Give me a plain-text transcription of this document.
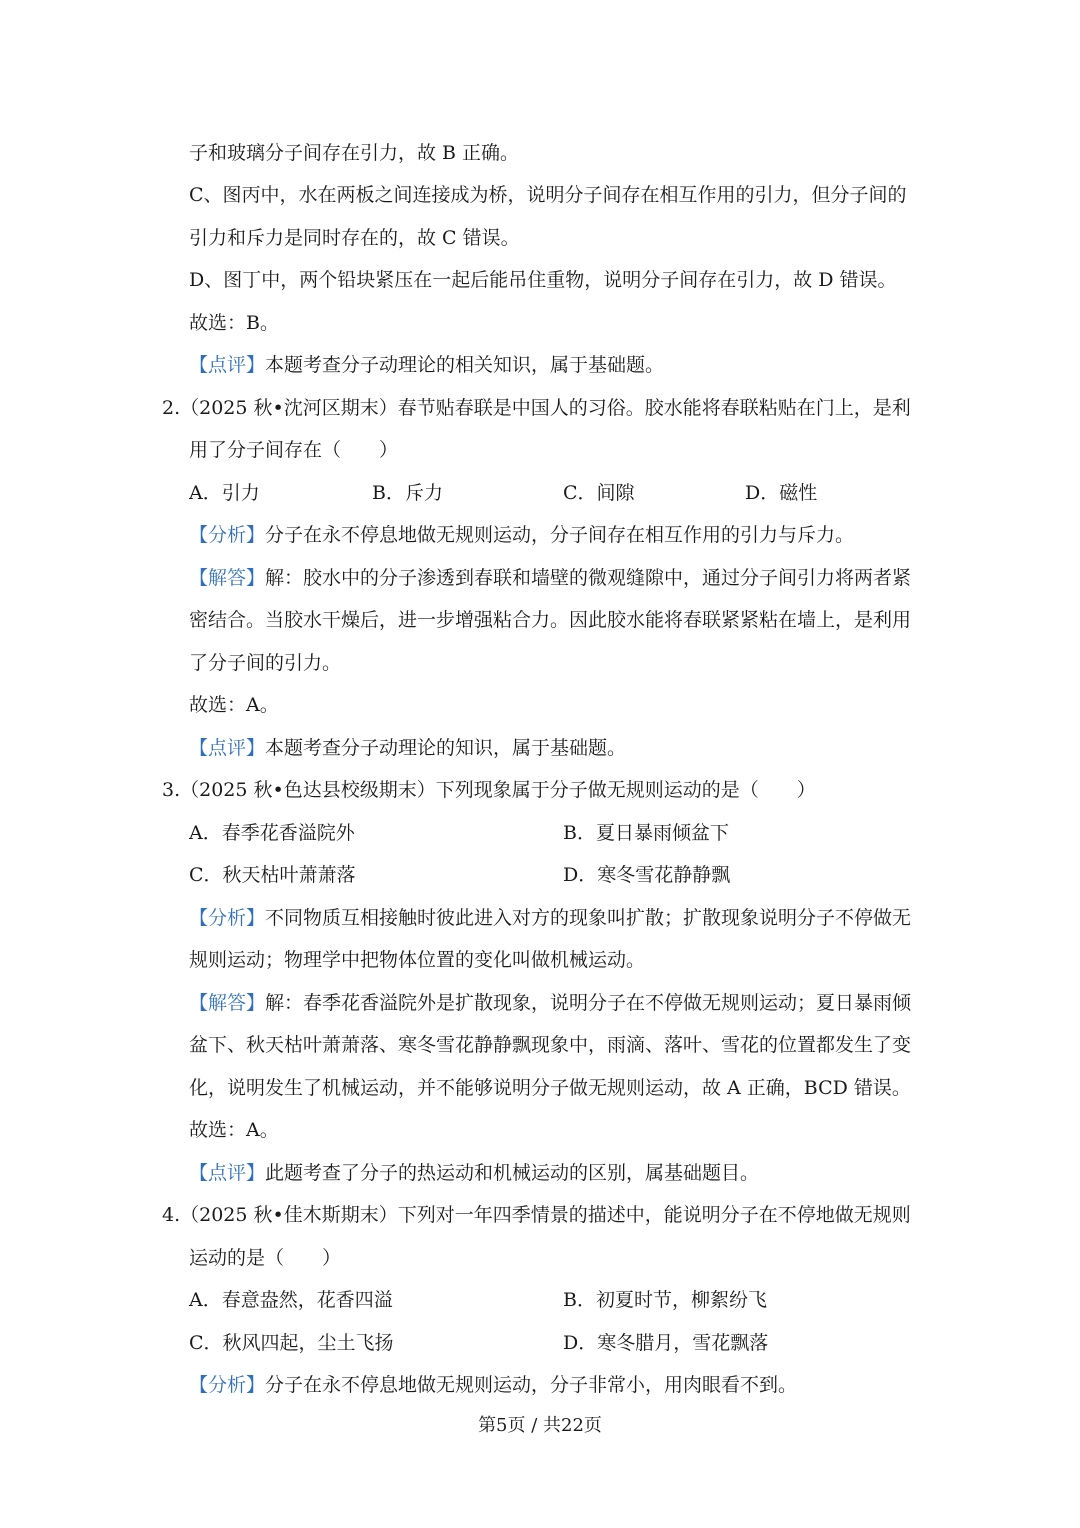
子和玻璃分子间存在引力，故 B 正确。
C、图丙中，水在两板之间连接成为桥，说明分子间存在相互作用的引力，但分子间的
引力和斥力是同时存在的，故 C 错误。
D、图丁中，两个铅块紧压在一起后能吊住重物，说明分子间存在引力，故 D 错误。
故选：B。
【点评】本题考查分子动理论的相关知识，属于基础题。
2.（2025 秋•沈河区期末）春节贴春联是中国人的习俗。胶水能将春联粘贴在门上，是利
用了分子间存在（　　）
A．引力	B．斥力	C．间隙	D．磁性
【分析】分子在永不停息地做无规则运动，分子间存在相互作用的引力与斥力。
【解答】解：胶水中的分子渗透到春联和墙壁的微观缝隙中，通过分子间引力将两者紧
密结合。当胶水干燥后，进一步增强粘合力。因此胶水能将春联紧紧粘在墙上，是利用
了分子间的引力。
故选：A。
【点评】本题考查分子动理论的知识，属于基础题。
3.（2025 秋•色达县校级期末）下列现象属于分子做无规则运动的是（　　）
A．春季花香溢院外	B．夏日暴雨倾盆下
C．秋天枯叶萧萧落	D．寒冬雪花静静飘
【分析】不同物质互相接触时彼此进入对方的现象叫扩散；扩散现象说明分子不停做无
规则运动；物理学中把物体位置的变化叫做机械运动。
【解答】解：春季花香溢院外是扩散现象，说明分子在不停做无规则运动；夏日暴雨倾
盆下、秋天枯叶萧萧落、寒冬雪花静静飘现象中，雨滴、落叶、雪花的位置都发生了变
化，说明发生了机械运动，并不能够说明分子做无规则运动，故 A 正确，BCD 错误。
故选：A。
【点评】此题考查了分子的热运动和机械运动的区别，属基础题目。
4.（2025 秋•佳木斯期末）下列对一年四季情景的描述中，能说明分子在不停地做无规则
运动的是（　　）
A．春意盎然，花香四溢	B．初夏时节，柳絮纷飞
C．秋风四起，尘土飞扬	D．寒冬腊月，雪花飘落
【分析】分子在永不停息地做无规则运动，分子非常小，用肉眼看不到。
第5页 / 共22页
